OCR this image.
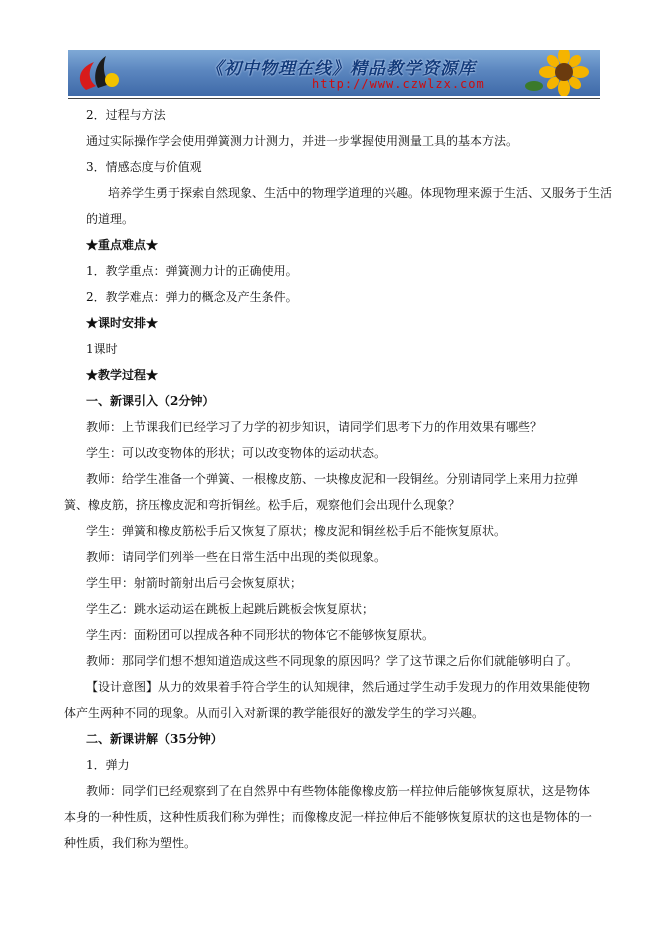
《初中物理在线》精品教学资源库
http://www.czwlzx.com

2．过程与方法

通过实际操作学会使用弹簧测力计测力，并进一步掌握使用测量工具的基本方法。

3．情感态度与价值观

培养学生勇于探索自然现象、生活中的物理学道理的兴趣。体现物理来源于生活、又服务于生活的道理。

★重点难点★

1．教学重点：弹簧测力计的正确使用。

2．教学难点：弹力的概念及产生条件。

★课时安排★

1课时

★教学过程★

一、新课引入（2分钟）

教师：上节课我们已经学习了力学的初步知识，请同学们思考下力的作用效果有哪些？

学生：可以改变物体的形状；可以改变物体的运动状态。

教师：给学生准备一个弹簧、一根橡皮筋、一块橡皮泥和一段铜丝。分别请同学上来用力拉弹簧、橡皮筋，挤压橡皮泥和弯折铜丝。松手后，观察他们会出现什么现象？

学生：弹簧和橡皮筋松手后又恢复了原状；橡皮泥和铜丝松手后不能恢复原状。

教师：请同学们列举一些在日常生活中出现的类似现象。

学生甲：射箭时箭射出后弓会恢复原状；

学生乙：跳水运动运在跳板上起跳后跳板会恢复原状；

学生丙：面粉团可以捏成各种不同形状的物体它不能够恢复原状。

教师：那同学们想不想知道造成这些不同现象的原因吗？学了这节课之后你们就能够明白了。

【设计意图】从力的效果着手符合学生的认知规律，然后通过学生动手发现力的作用效果能使物体产生两种不同的现象。从而引入对新课的教学能很好的激发学生的学习兴趣。

二、新课讲解（35分钟）

1．弹力

教师：同学们已经观察到了在自然界中有些物体能像橡皮筋一样拉伸后能够恢复原状，这是物体本身的一种性质，这种性质我们称为弹性；而像橡皮泥一样拉伸后不能够恢复原状的这也是物体的一种性质，我们称为塑性。
